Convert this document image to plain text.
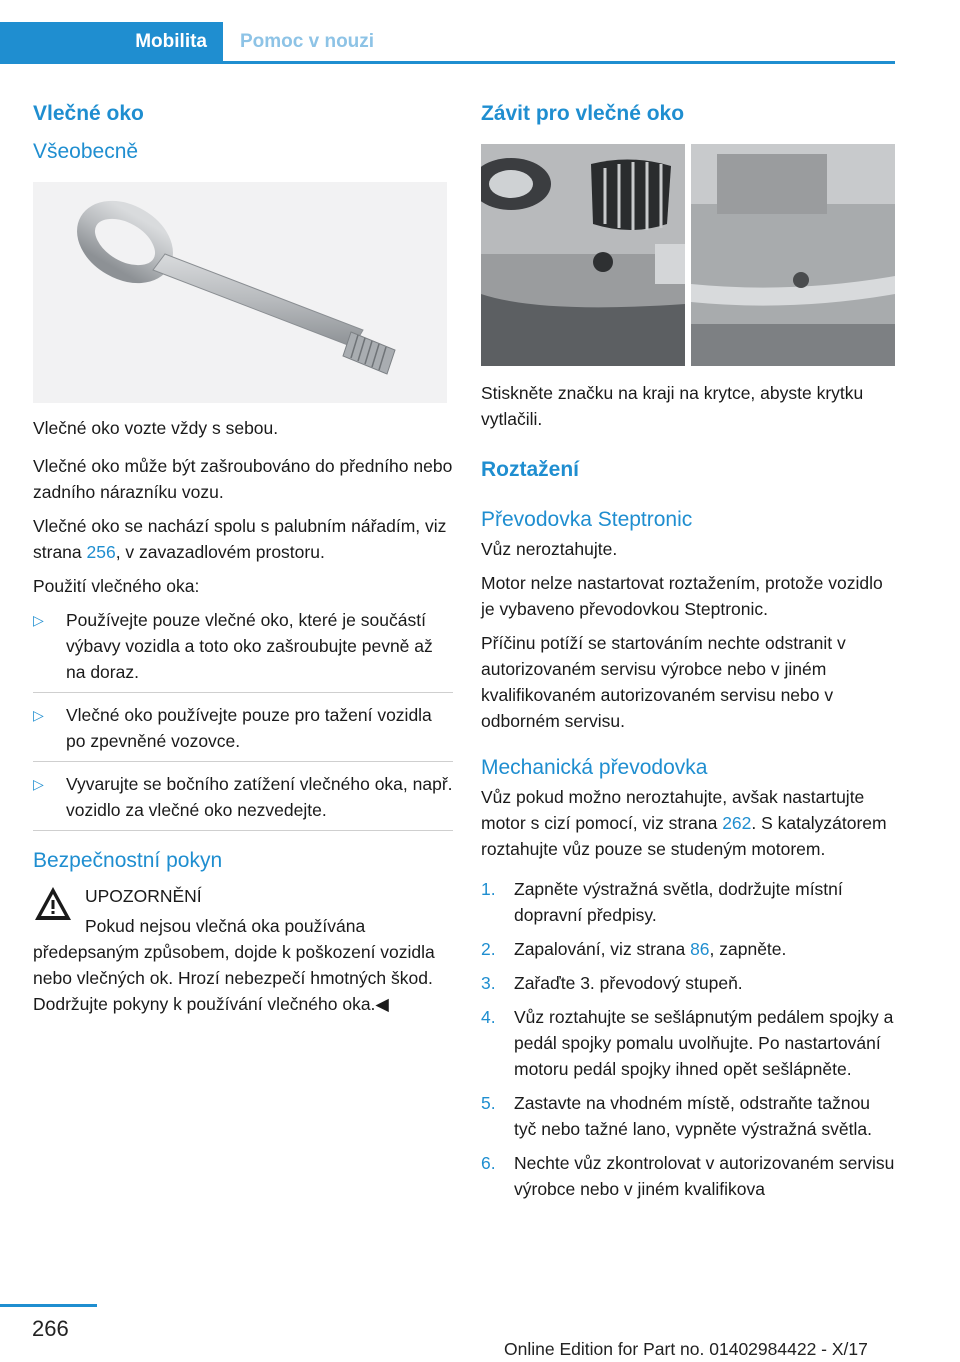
Mobilita Pomoc v nouzi
Vlečné oko
Všeobecně

Vlečné oko vozte vždy s sebou.

Vlečné oko může být zašroubováno do předního nebo zadního nárazníku vozu.

Vlečné oko se nachází spolu s palubním nářadím, viz strana 256, v zavazadlovém prostoru.

Použití vlečného oka:

▷ Používejte pouze vlečné oko, které je součástí výbavy vozidla a toto oko zašroubujte pevně až na doraz.
▷ Vlečné oko používejte pouze pro tažení vozidla po zpevněné vozovce.
▷ Vyvarujte se bočního zatížení vlečného oka, např. vozidlo za vlečné oko nezvedejte.
Bezpečnostní pokyn

UPOZORNĚNÍ

Pokud nejsou vlečná oka používána předepsaným způsobem, dojde k poškození vozidla nebo vlečných ok. Hrozí nebezpečí hmotných škod. Dodržujte pokyny k používání vlečného oka.◀

Závit pro vlečné oko

Stiskněte značku na kraji na krytce, abyste krytku vytlačili.

Roztažení
Převodovka Steptronic

Vůz neroztahujte.

Motor nelze nastartovat roztažením, protože vozidlo je vybaveno převodovkou Steptronic.

Příčinu potíží se startováním nechte odstranit v autorizovaném servisu výrobce nebo v jiném kvalifikovaném autorizovaném servisu nebo v odborném servisu.

Mechanická převodovka

Vůz pokud možno neroztahujte, avšak nastartujte motor s cizí pomocí, viz strana 262. S katalyzátorem roztahujte vůz pouze se studeným motorem.

1. Zapněte výstražná světla, dodržujte místní dopravní předpisy.
2. Zapalování, viz strana 86, zapněte.
3. Zařaďte 3. převodový stupeň.
4. Vůz roztahujte se sešlápnutým pedálem spojky a pedál spojky pomalu uvolňujte. Po nastartování motoru pedál spojky ihned opět sešlápněte.
5. Zastavte na vhodném místě, odstraňte tažnou tyč nebo tažné lano, vypněte výstražná světla.
6. Nechte vůz zkontrolovat v autorizovaném servisu výrobce nebo v jiném kvalifikova
266
Online Edition for Part no. 01402984422 - X/17
